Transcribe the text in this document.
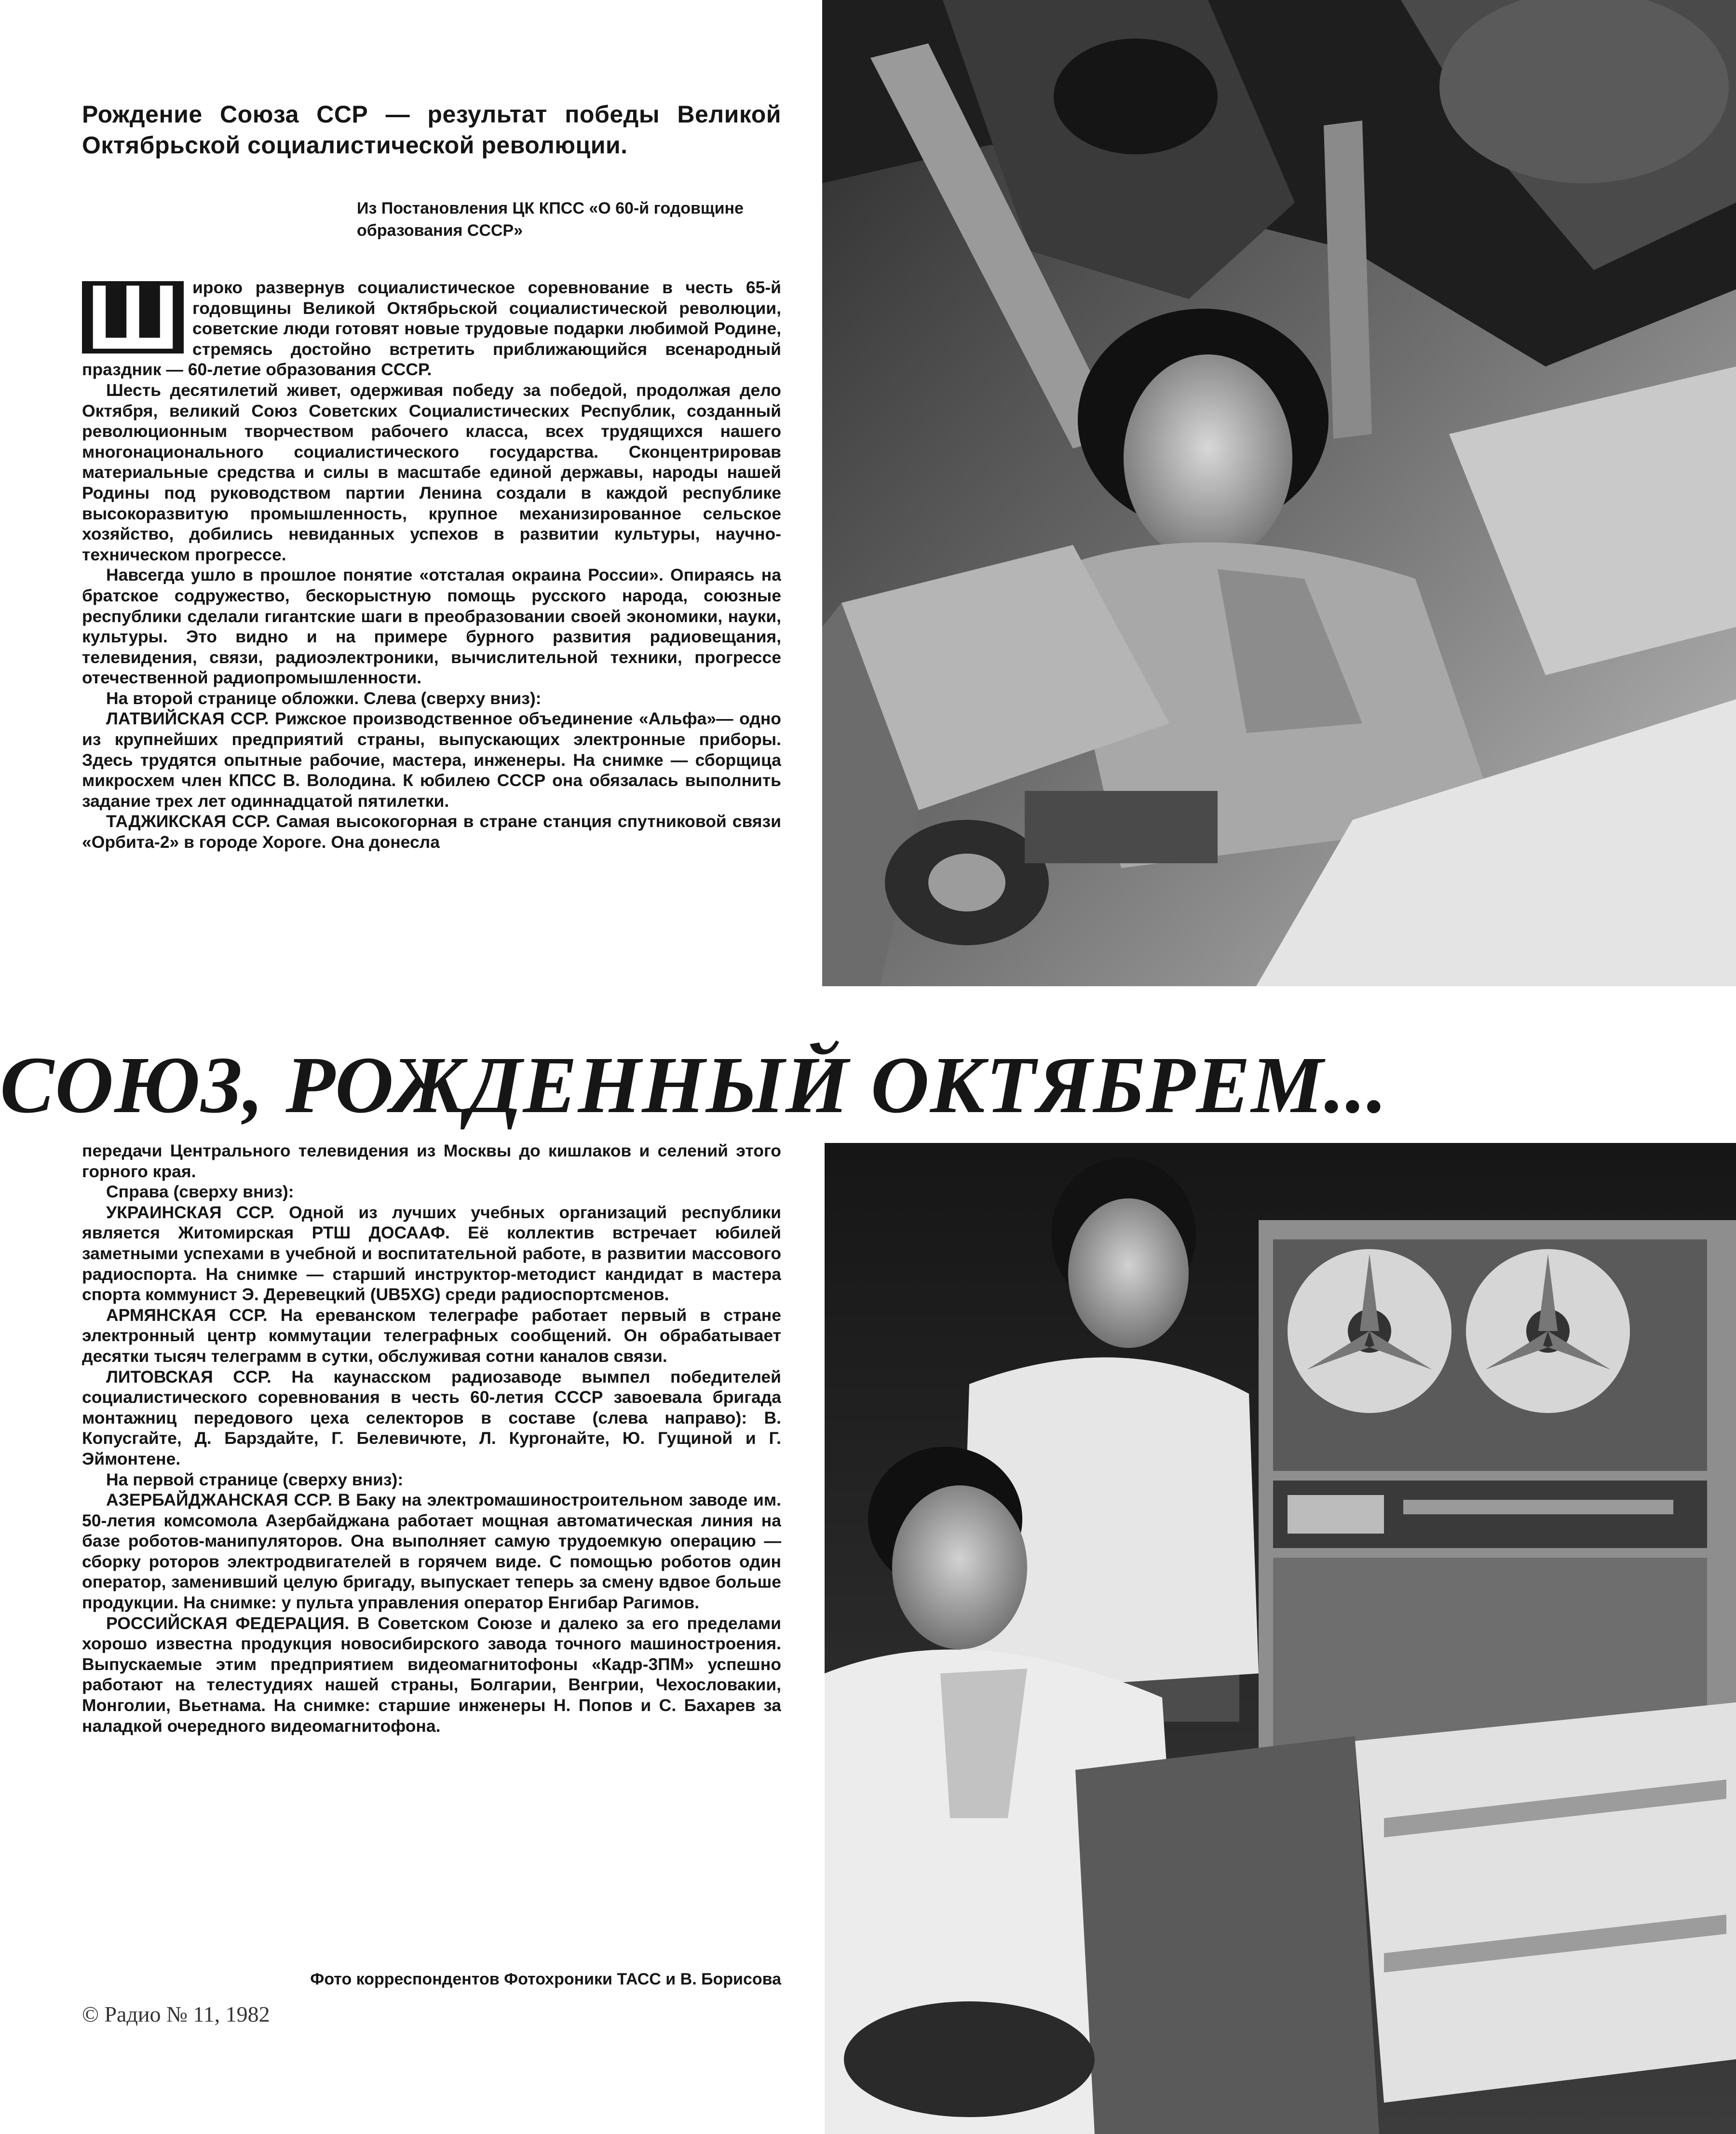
Рождение Союза ССР — результат победы Великой Октябрьской социалистической революции.
Из Постановления ЦК КПСС «О 60-й годовщине образования СССР»

Ш ироко развернув социалистическое соревнование в честь 65-й годовщины Великой Октябрьской социалистической революции, советские люди готовят новые трудовые подарки любимой Родине, стремясь достойно встретить приближающийся всенародный праздник — 60-летие образования СССР.

Шесть десятилетий живет, одерживая победу за победой, продолжая дело Октября, великий Союз Советских Социалистических Республик, созданный революционным творчеством рабочего класса, всех трудящихся нашего многонационального социалистического государства. Сконцентрировав материальные средства и силы в масштабе единой державы, народы нашей Родины под руководством партии Ленина создали в каждой республике высокоразвитую промышленность, крупное механизированное сельское хозяйство, добились невиданных успехов в развитии культуры, научно-техническом прогрессе.

Навсегда ушло в прошлое понятие «отсталая окраина России». Опираясь на братское содружество, бескорыстную помощь русского народа, союзные республики сделали гигантские шаги в преобразовании своей экономики, науки, культуры. Это видно и на примере бурного развития радиовещания, телевидения, связи, радиоэлектроники, вычислительной техники, прогрессе отечественной радиопромышленности.

На второй странице обложки. Слева (сверху вниз):

ЛАТВИЙСКАЯ ССР. Рижское производственное объединение «Альфа»— одно из крупнейших предприятий страны, выпускающих электронные приборы. Здесь трудятся опытные рабочие, мастера, инженеры. На снимке — сборщица микросхем член КПСС В. Володина. К юбилею СССР она обязалась выполнить задание трех лет одиннадцатой пятилетки.

ТАДЖИКСКАЯ ССР. Самая высокогорная в стране станция спутниковой связи «Орбита-2» в городе Хороге. Она донесла

СОЮЗ, РОЖДЕННЫЙ ОКТЯБРЕМ...

передачи Центрального телевидения из Москвы до кишлаков и селений этого горного края.

Справа (сверху вниз):

УКРАИНСКАЯ ССР. Одной из лучших учебных организаций республики является Житомирская РТШ ДОСААФ. Её коллектив встречает юбилей заметными успехами в учебной и воспитательной работе, в развитии массового радиоспорта. На снимке — старший инструктор-методист кандидат в мастера спорта коммунист Э. Деревецкий (UB5XG) среди радиоспортсменов.

АРМЯНСКАЯ ССР. На ереванском телеграфе работает первый в стране электронный центр коммутации телеграфных сообщений. Он обрабатывает десятки тысяч телеграмм в сутки, обслуживая сотни каналов связи.

ЛИТОВСКАЯ ССР. На каунасском радиозаводе вымпел победителей социалистического соревнования в честь 60-летия СССР завоевала бригада монтажниц передового цеха селекторов в составе (слева направо): В. Копусгайте, Д. Барздайте, Г. Белевичюте, Л. Кургонайте, Ю. Гущиной и Г. Эймонтене.

На первой странице (сверху вниз):

АЗЕРБАЙДЖАНСКАЯ ССР. В Баку на электромашиностроительном заводе им. 50-летия комсомола Азербайджана работает мощная автоматическая линия на базе роботов-манипуляторов. Она выполняет самую трудоемкую операцию — сборку роторов электродвигателей в горячем виде. С помощью роботов один оператор, заменивший целую бригаду, выпускает теперь за смену вдвое больше продукции. На снимке: у пульта управления оператор Енгибар Рагимов.

РОССИЙСКАЯ ФЕДЕРАЦИЯ. В Советском Союзе и далеко за его пределами хорошо известна продукция новосибирского завода точного машиностроения. Выпускаемые этим предприятием видеомагнитофоны «Кадр-3ПМ» успешно работают на телестудиях нашей страны, Болгарии, Венгрии, Чехословакии, Монголии, Вьетнама. На снимке: старшие инженеры Н. Попов и С. Бахарев за наладкой очередного видеомагнитофона.

Фото корреспондентов Фотохроники ТАСС и В. Борисова
© Радио № 11, 1982
